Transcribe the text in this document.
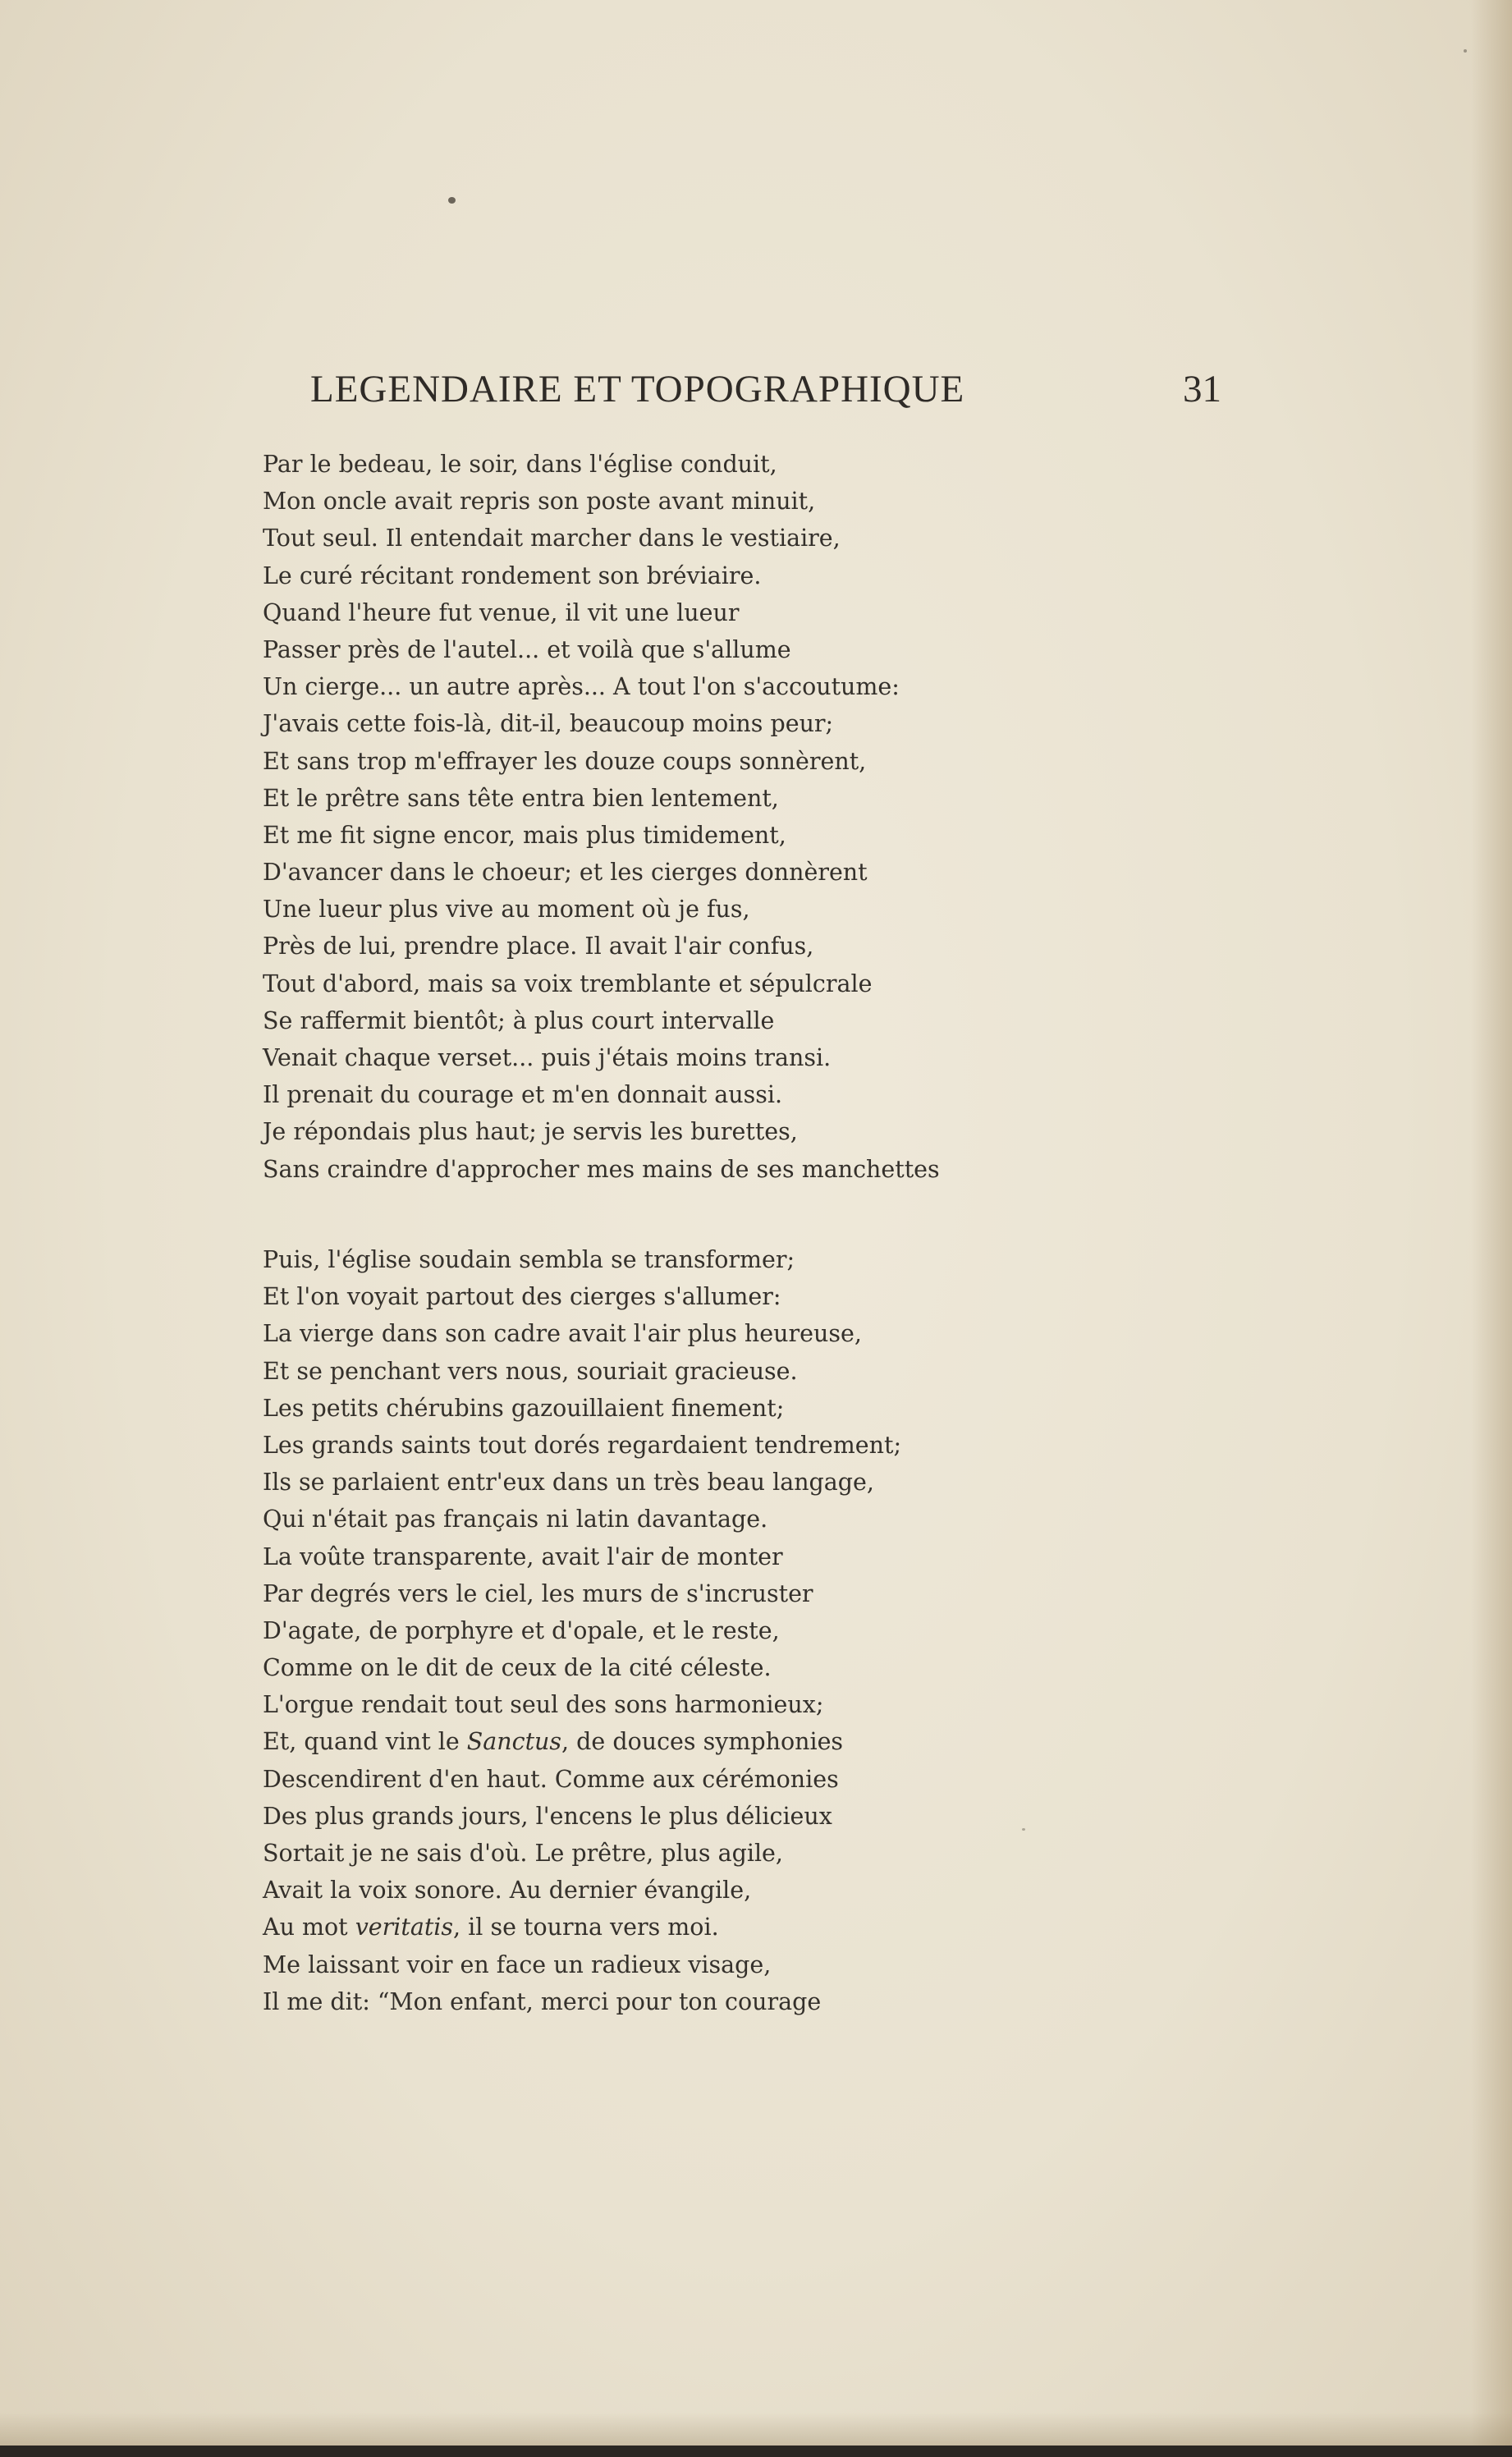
LEGENDAIRE ET TOPOGRAPHIQUE	31
Par le bedeau, le soir, dans l'église conduit,
Mon oncle avait repris son poste avant minuit,
Tout seul. Il entendait marcher dans le vestiaire,
Le curé récitant rondement son bréviaire.
Quand l'heure fut venue, il vit une lueur
Passer près de l'autel... et voilà que s'allume
Un cierge... un autre après... A tout l'on s'accoutume:
J'avais cette fois-là, dit-il, beaucoup moins peur;
Et sans trop m'effrayer les douze coups sonnèrent,
Et le prêtre sans tête entra bien lentement,
Et me fit signe encor, mais plus timidement,
D'avancer dans le choeur; et les cierges donnèrent
Une lueur plus vive au moment où je fus,
Près de lui, prendre place. Il avait l'air confus,
Tout d'abord, mais sa voix tremblante et sépulcrale
Se raffermit bientôt; à plus court intervalle
Venait chaque verset... puis j'étais moins transi.
Il prenait du courage et m'en donnait aussi.
Je répondais plus haut; je servis les burettes,
Sans craindre d'approcher mes mains de ses manchettes
Puis, l'église soudain sembla se transformer;
Et l'on voyait partout des cierges s'allumer:
La vierge dans son cadre avait l'air plus heureuse,
Et se penchant vers nous, souriait gracieuse.
Les petits chérubins gazouillaient finement;
Les grands saints tout dorés regardaient tendrement;
Ils se parlaient entr'eux dans un très beau langage,
Qui n'était pas français ni latin davantage.
La voûte transparente, avait l'air de monter
Par degrés vers le ciel, les murs de s'incruster
D'agate, de porphyre et d'opale, et le reste,
Comme on le dit de ceux de la cité céleste.
L'orgue rendait tout seul des sons harmonieux;
Et, quand vint le Sanctus, de douces symphonies
Descendirent d'en haut. Comme aux cérémonies
Des plus grands jours, l'encens le plus délicieux
Sortait je ne sais d'où. Le prêtre, plus agile,
Avait la voix sonore. Au dernier évangile,
Au mot veritatis, il se tourna vers moi.
Me laissant voir en face un radieux visage,
Il me dit: “Mon enfant, merci pour ton courage
